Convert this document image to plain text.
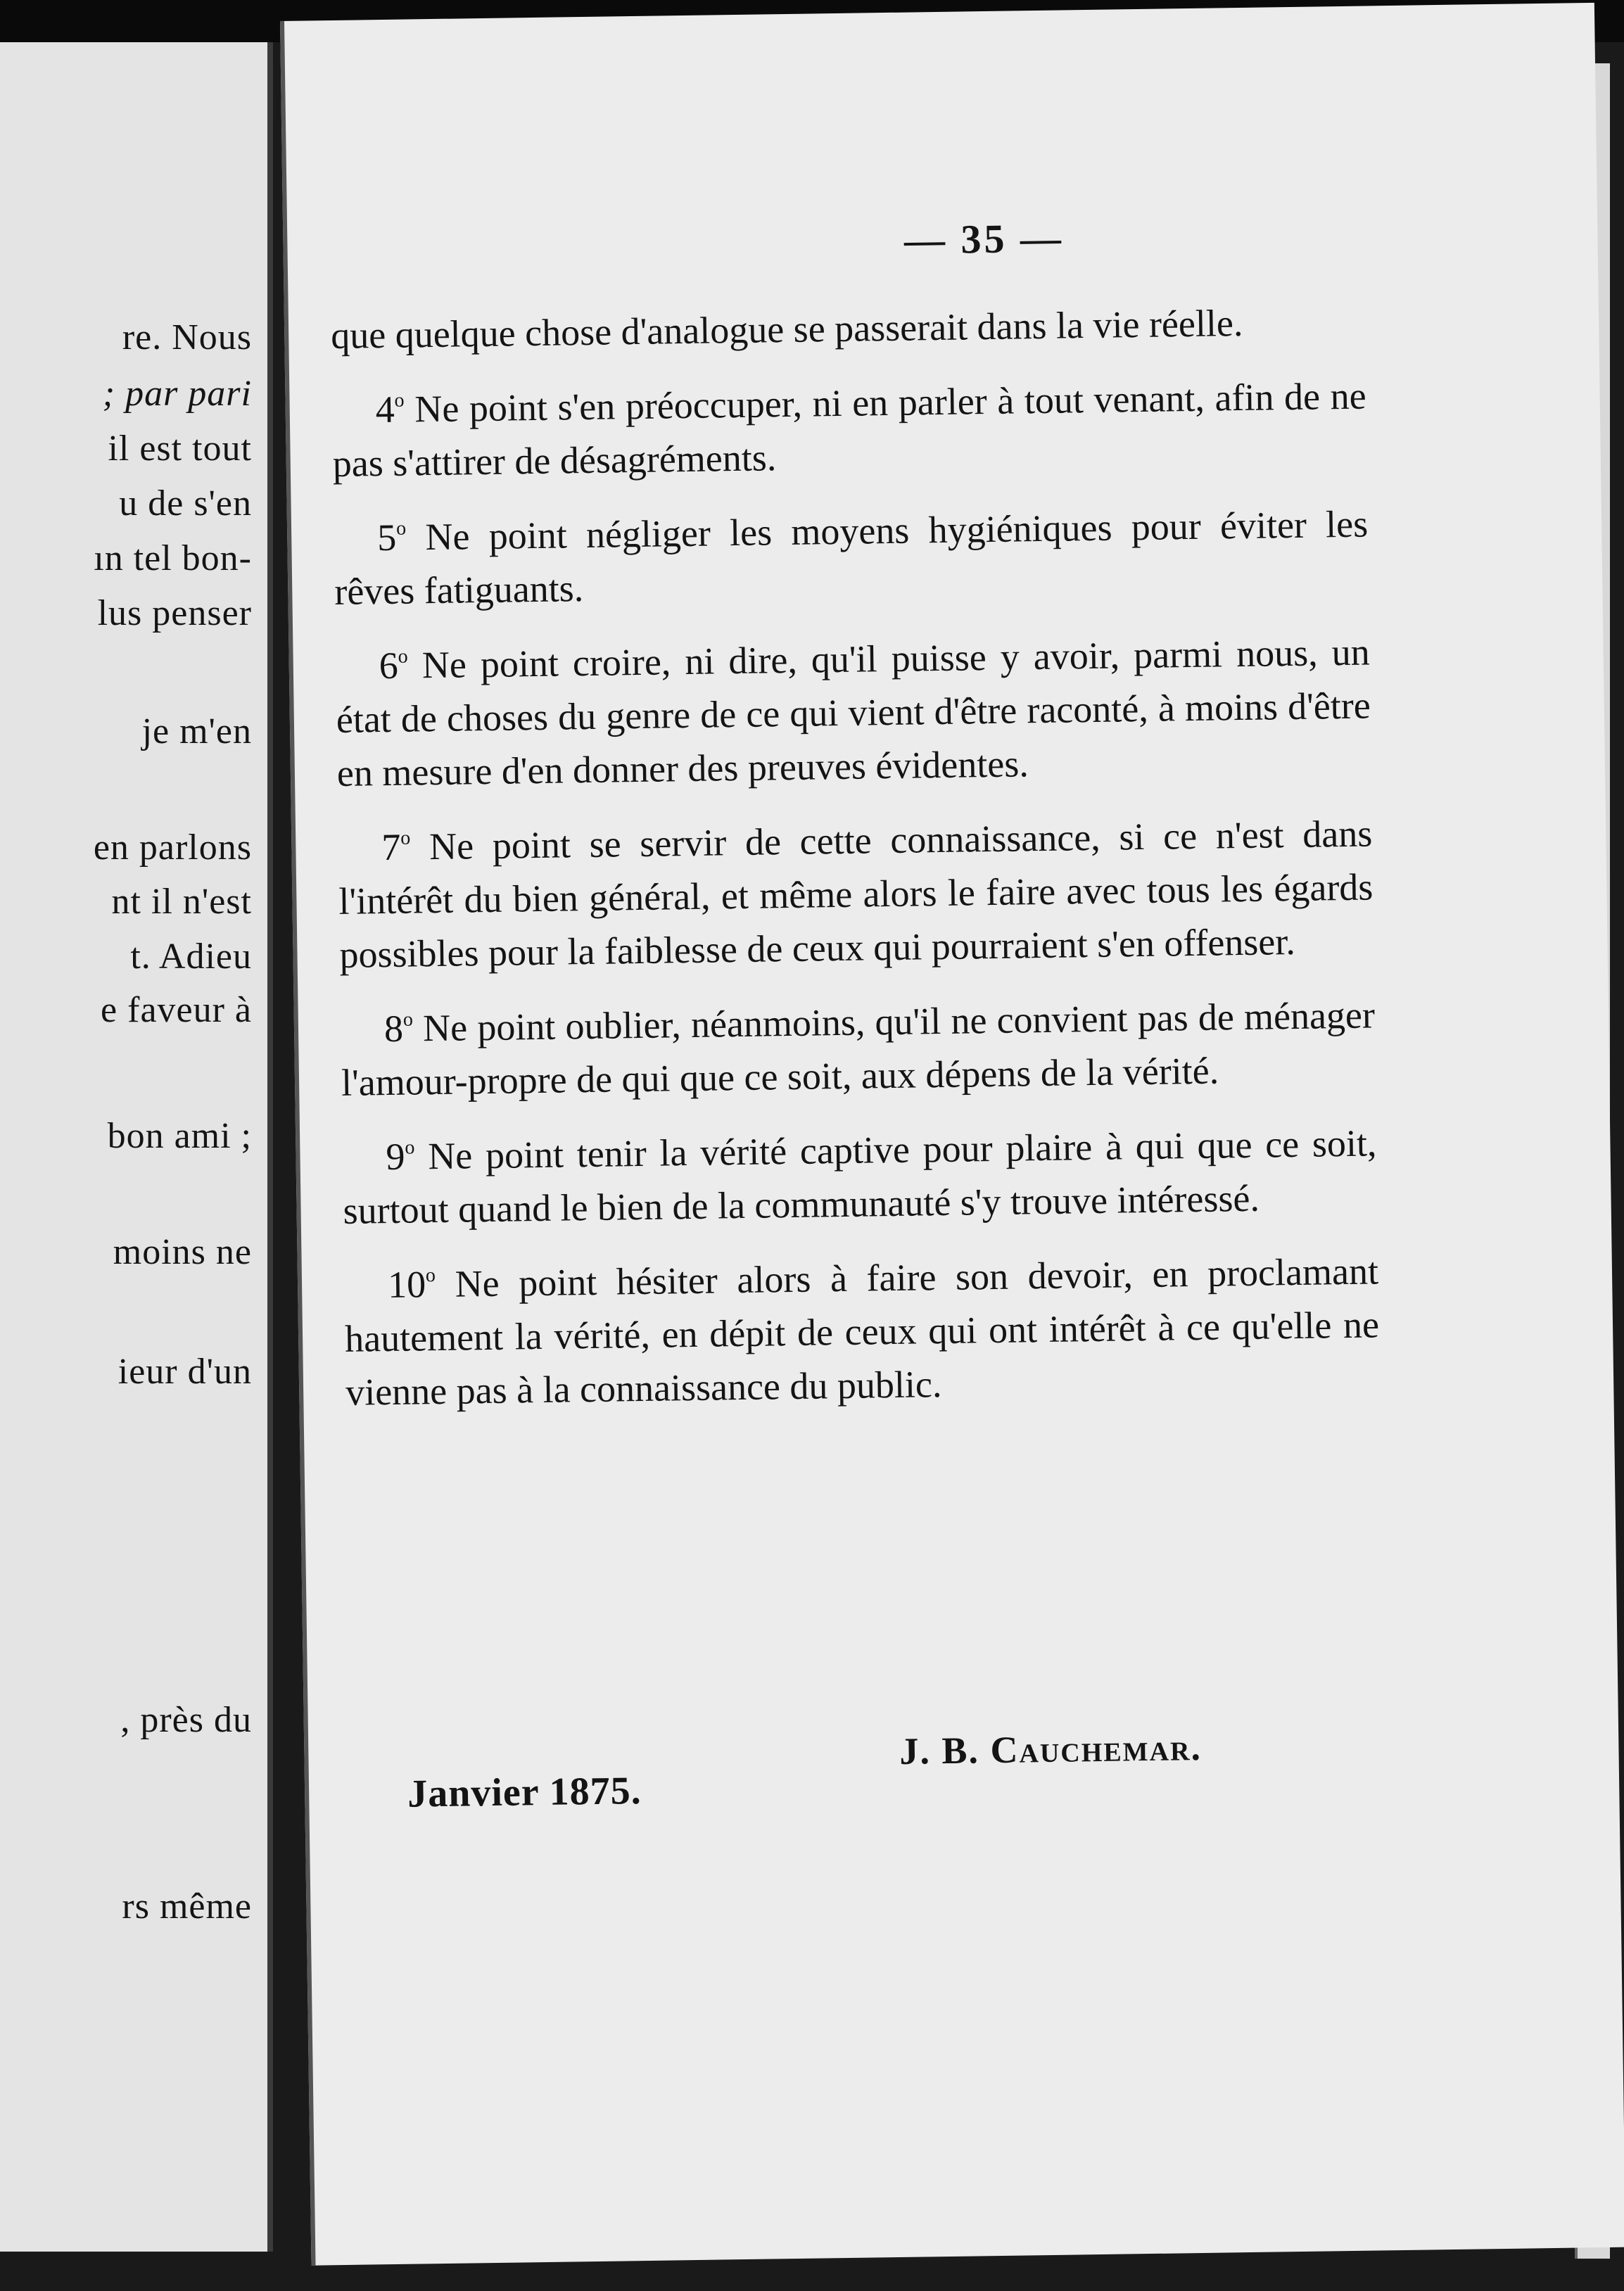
re. Nous
; par pari
il est tout
u de s'en
ın tel bon-
lus penser
je m'en
en parlons
nt il n'est
t. Adieu
e faveur à
bon ami ;
moins ne
ieur d'un
, près du
rs même
— 35 —

que quelque chose d'analogue se passerait dans la vie réelle.

4$^o$ Ne point s'en préoccuper, ni en parler à tout venant, afin de ne pas s'attirer de désagréments.

5$^o$ Ne point négliger les moyens hygiéniques pour éviter les rêves fatiguants.

6$^o$ Ne point croire, ni dire, qu'il puisse y avoir, parmi nous, un état de choses du genre de ce qui vient d'être raconté, à moins d'être en mesure d'en donner des preuves évidentes.

7$^o$ Ne point se servir de cette connaissance, si ce n'est dans l'intérêt du bien général, et même alors le faire avec tous les égards possibles pour la faiblesse de ceux qui pourraient s'en offenser.

8$^o$ Ne point oublier, néanmoins, qu'il ne convient pas de ménager l'amour-propre de qui que ce soit, aux dépens de la vérité.

9$^o$ Ne point tenir la vérité captive pour plaire à qui que ce soit, surtout quand le bien de la communauté s'y trouve intéressé.

10$^o$ Ne point hésiter alors à faire son devoir, en proclamant hautement la vérité, en dépit de ceux qui ont intérêt à ce qu'elle ne vienne pas à la connaissance du public.

J. B. Cauchemar.
Janvier 1875.
